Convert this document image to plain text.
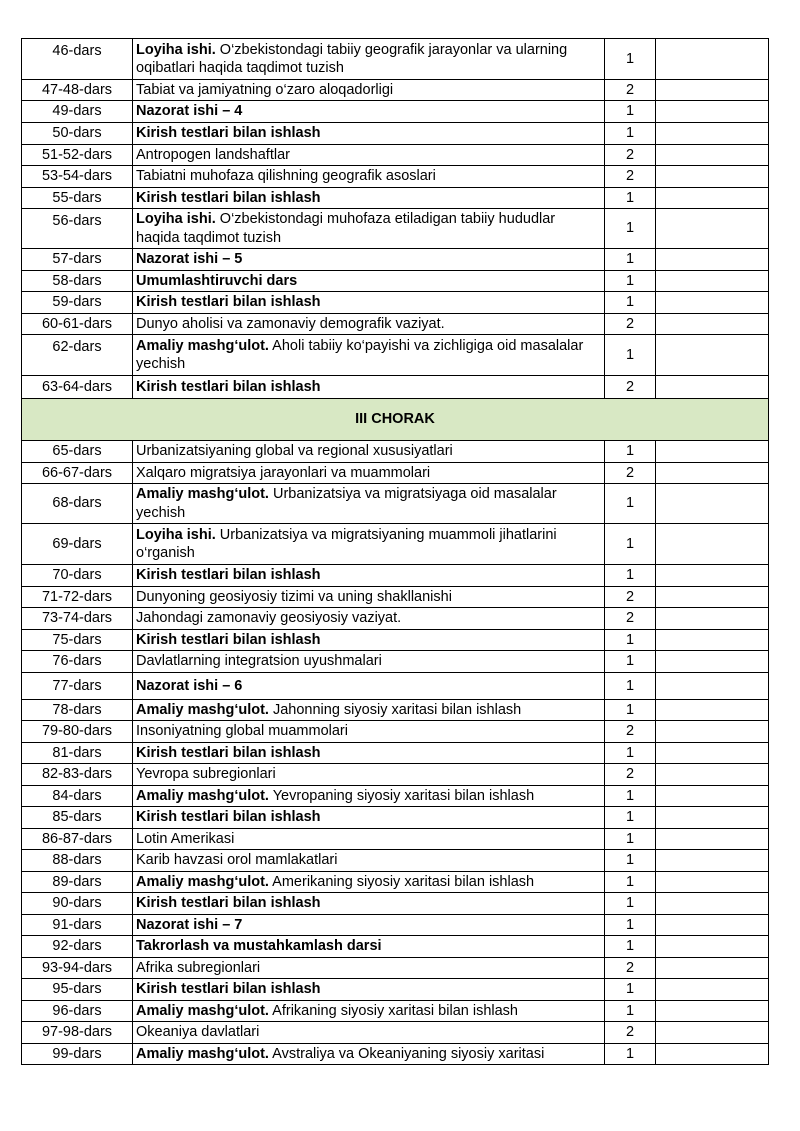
46-dars	Loyiha ishi. O‘zbekistondagi tabiiy geografik jarayonlar va ularning oqibatlari haqida taqdimot tuzish	1	
47-48-dars	Tabiat va jamiyatning o‘zaro aloqadorligi	2	
49-dars	Nazorat ishi – 4	1	
50-dars	Kirish testlari bilan ishlash	1	
51-52-dars	Antropogen landshaftlar	2	
53-54-dars	Tabiatni muhofaza qilishning geografik asoslari	2	
55-dars	Kirish testlari bilan ishlash	1	
56-dars	Loyiha ishi. O‘zbekistondagi muhofaza etiladigan tabiiy hududlar haqida taqdimot tuzish	1	
57-dars	Nazorat ishi – 5	1	
58-dars	Umumlashtiruvchi dars	1	
59-dars	Kirish testlari bilan ishlash	1	
60-61-dars	Dunyo aholisi va zamonaviy demografik vaziyat.	2	
62-dars	Amaliy mashg‘ulot. Aholi tabiiy ko‘payishi va zichligiga oid masalalar yechish	1	
63-64-dars	Kirish testlari bilan ishlash	2	
III CHORAK			
65-dars	Urbanizatsiyaning global va regional xususiyatlari	1	
66-67-dars	Xalqaro migratsiya jarayonlari va muammolari	2	
68-dars	Amaliy mashg‘ulot. Urbanizatsiya va migratsiyaga oid masalalar yechish	1	
69-dars	Loyiha ishi. Urbanizatsiya va migratsiyaning muammoli jihatlarini o‘rganish	1	
70-dars	Kirish testlari bilan ishlash	1	
71-72-dars	Dunyoning geosiyosiy tizimi va uning shakllanishi	2	
73-74-dars	Jahondagi zamonaviy geosiyosiy vaziyat.	2	
75-dars	Kirish testlari bilan ishlash	1	
76-dars	Davlatlarning integratsion uyushmalari	1	
77-dars	Nazorat ishi – 6	1	
78-dars	Amaliy mashg‘ulot. Jahonning siyosiy xaritasi bilan ishlash	1	
79-80-dars	Insoniyatning global muammolari	2	
81-dars	Kirish testlari bilan ishlash	1	
82-83-dars	Yevropa subregionlari	2	
84-dars	Amaliy mashg‘ulot. Yevropaning siyosiy xaritasi bilan ishlash	1	
85-dars	Kirish testlari bilan ishlash	1	
86-87-dars	Lotin Amerikasi	1	
88-dars	Karib havzasi orol mamlakatlari	1	
89-dars	Amaliy mashg‘ulot. Amerikaning siyosiy xaritasi bilan ishlash	1	
90-dars	Kirish testlari bilan ishlash	1	
91-dars	Nazorat ishi – 7	1	
92-dars	Takrorlash va mustahkamlash darsi	1	
93-94-dars	Afrika subregionlari	2	
95-dars	Kirish testlari bilan ishlash	1	
96-dars	Amaliy mashg‘ulot. Afrikaning siyosiy xaritasi bilan ishlash	1	
97-98-dars	Okeaniya davlatlari	2	
99-dars	Amaliy mashg‘ulot. Avstraliya va Okeaniyaning siyosiy xaritasi	1	
